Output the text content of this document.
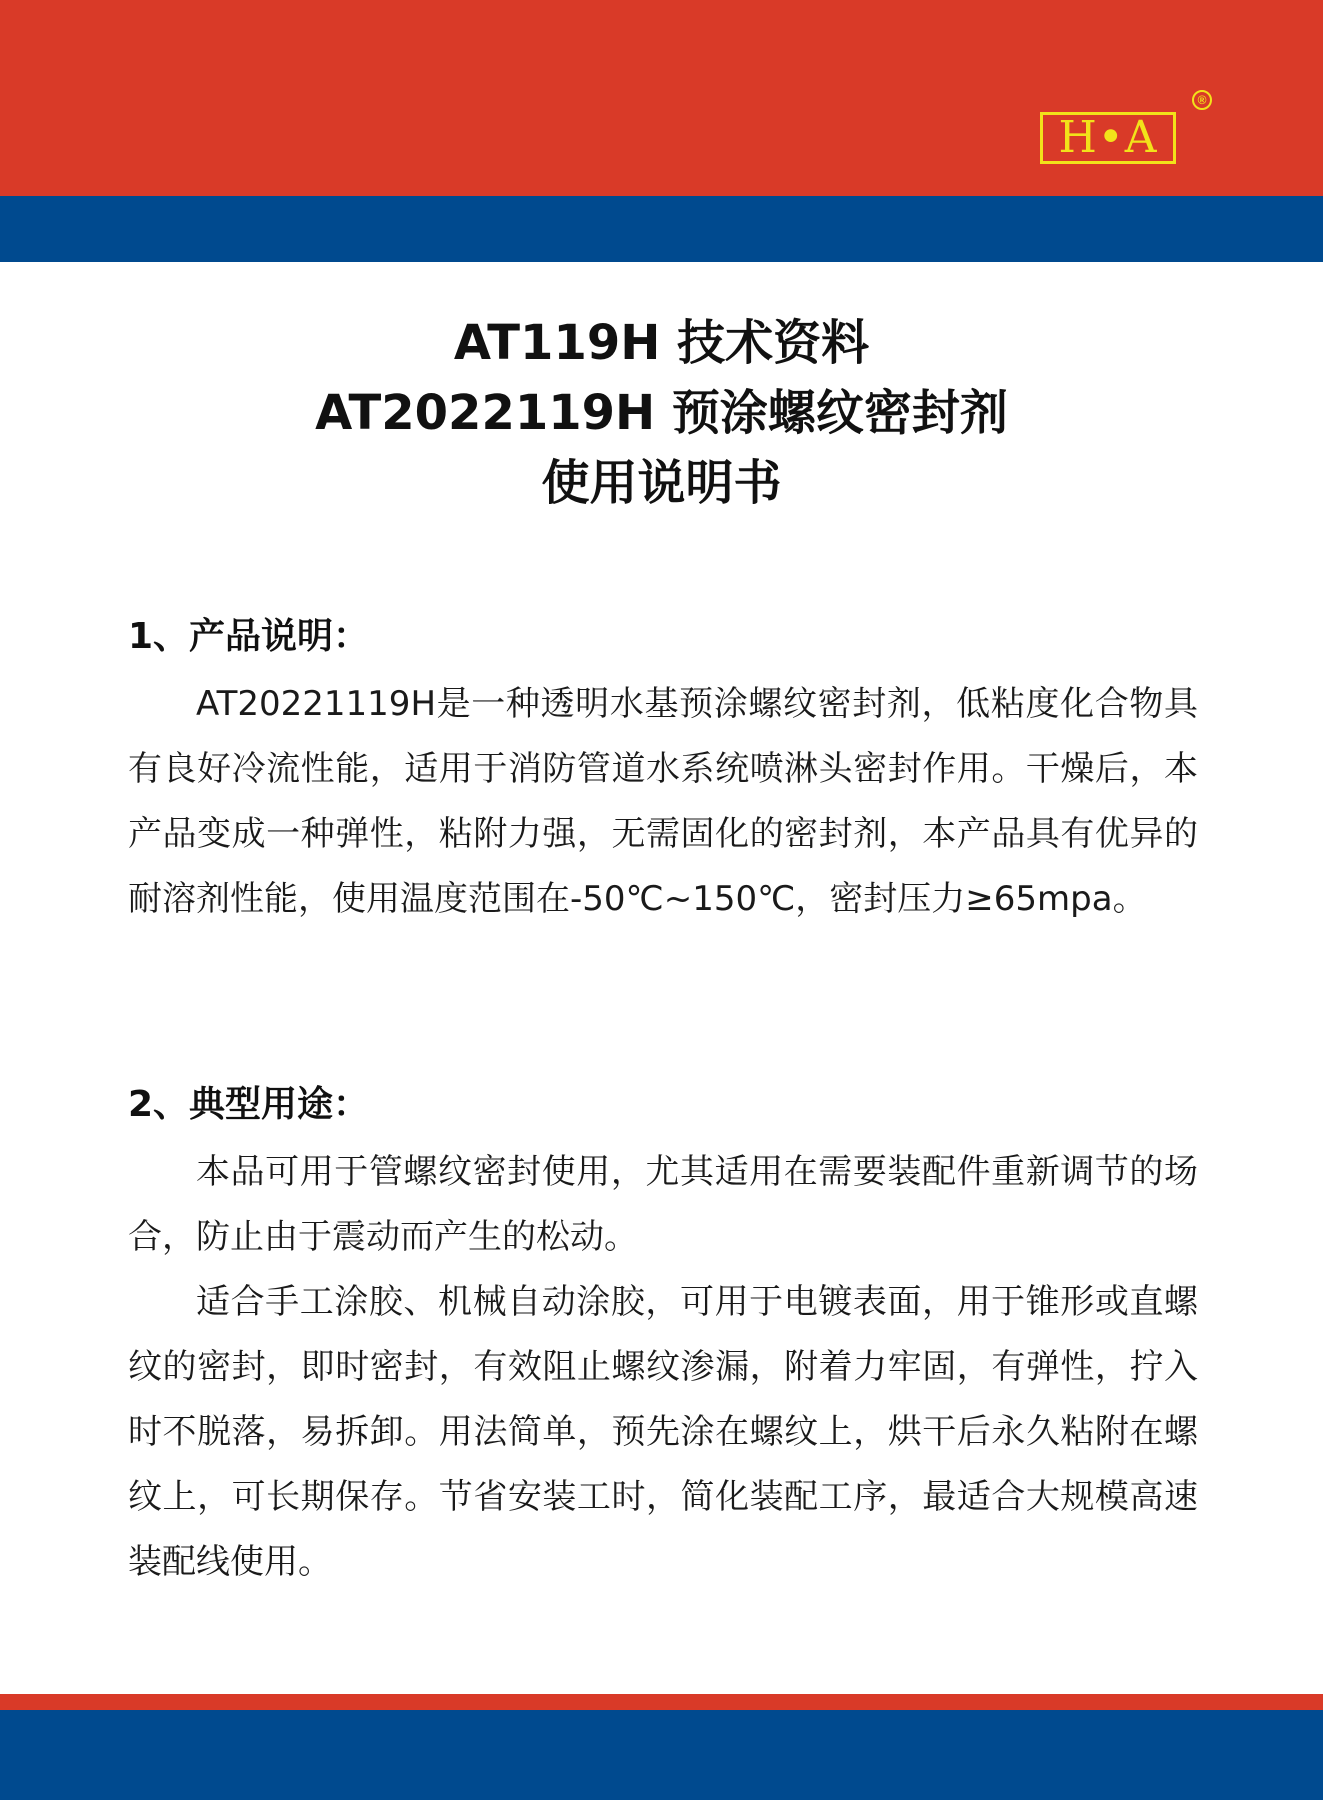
H•A
®
AT119H 技术资料
AT2022119H 预涂螺纹密封剂
使用说明书
1、产品说明：

AT20221119H是一种透明水基预涂螺纹密封剂，低粘度化合物具有良好冷流性能，适用于消防管道水系统喷淋头密封作用。干燥后，本产品变成一种弹性，粘附力强，无需固化的密封剂，本产品具有优异的耐溶剂性能，使用温度范围在-50℃~150℃，密封压力≥65mpa。

2、典型用途：

本品可用于管螺纹密封使用，尤其适用在需要装配件重新调节的场合，防止由于震动而产生的松动。

适合手工涂胶、机械自动涂胶，可用于电镀表面，用于锥形或直螺纹的密封，即时密封，有效阻止螺纹渗漏，附着力牢固，有弹性，拧入时不脱落，易拆卸。用法简单，预先涂在螺纹上，烘干后永久粘附在螺纹上，可长期保存。节省安装工时，简化装配工序，最适合大规模高速装配线使用。
